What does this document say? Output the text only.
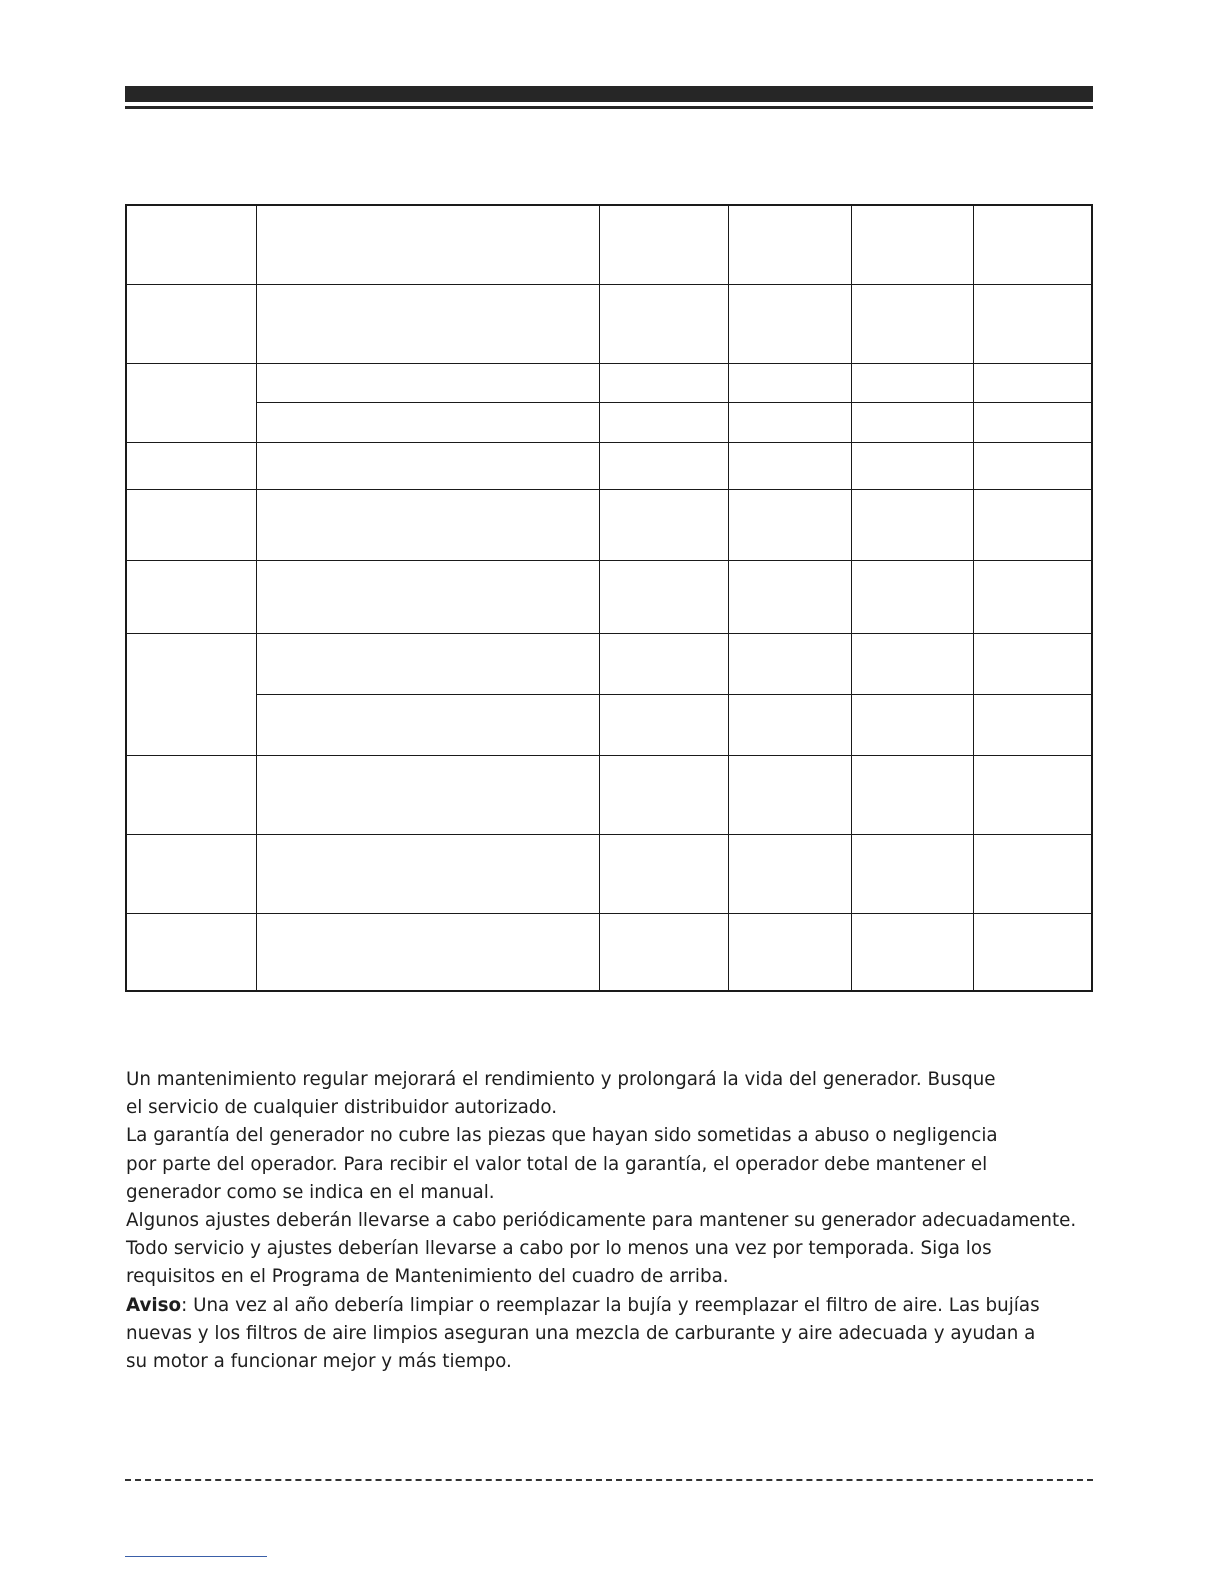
Un mantenimiento regular mejorará el rendimiento y prolongará la vida del generador. Busque
el servicio de cualquier distribuidor autorizado.
La garantía del generador no cubre las piezas que hayan sido sometidas a abuso o negligencia
por parte del operador. Para recibir el valor total de la garantía, el operador debe mantener el
generador como se indica en el manual.
Algunos ajustes deberán llevarse a cabo periódicamente para mantener su generador adecuadamente.
Todo servicio y ajustes deberían llevarse a cabo por lo menos una vez por temporada. Siga los
requisitos en el Programa de Mantenimiento del cuadro de arriba.
Aviso: Una vez al año debería limpiar o reemplazar la bujía y reemplazar el filtro de aire. Las bujías
nuevas y los filtros de aire limpios aseguran una mezcla de carburante y aire adecuada y ayudan a
su motor a funcionar mejor y más tiempo.
